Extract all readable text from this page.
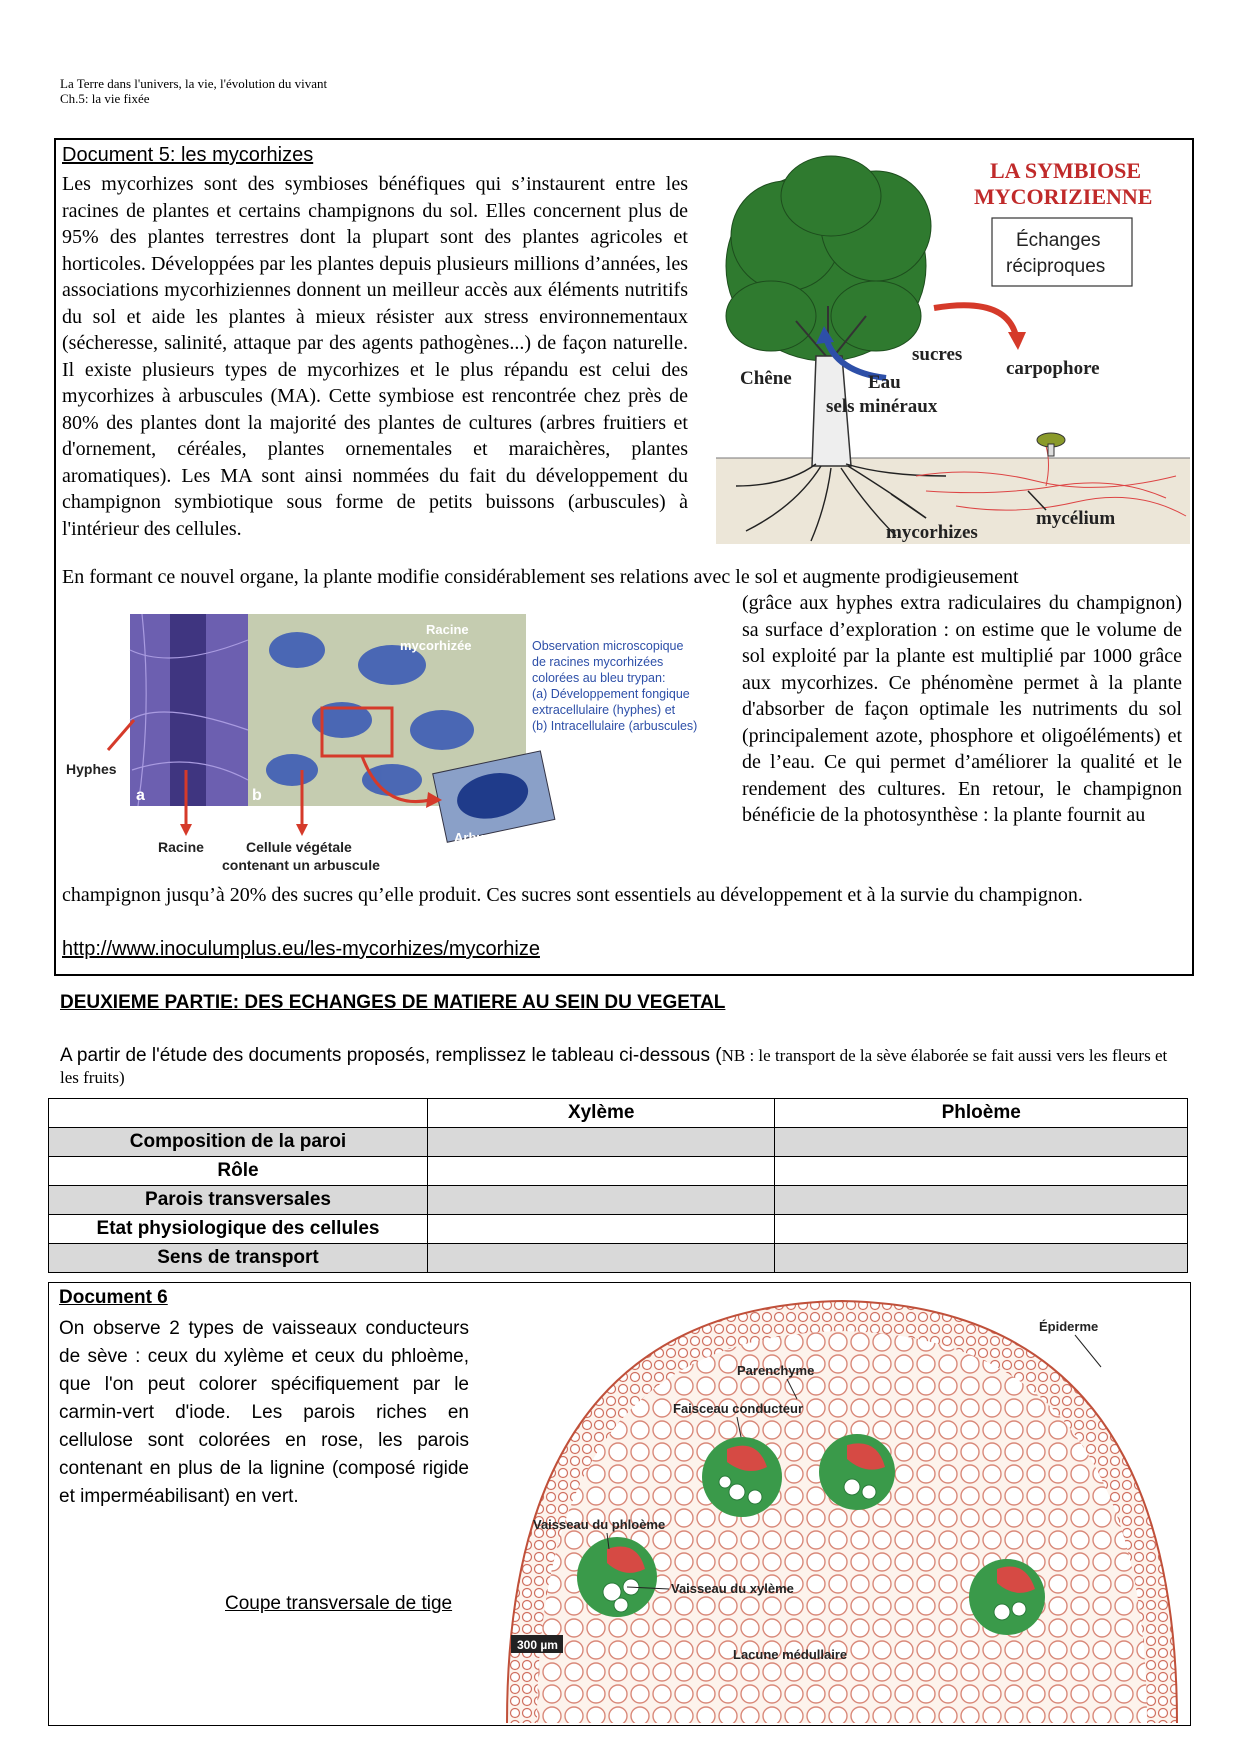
La Terre dans l'univers, la vie, l'évolution du vivant
Ch.5: la vie fixée
Document 5: les mycorhizes
Les mycorhizes sont des symbioses bénéfiques qui s’instaurent entre les racines de plantes et certains champignons du sol. Elles concernent plus de 95% des plantes terrestres dont la plupart sont des plantes agricoles et horticoles. Développées par les plantes depuis plusieurs millions d’années, les associations mycorhiziennes donnent un meilleur accès aux éléments nutritifs du sol et aide les plantes à mieux résister aux stress environnementaux (sécheresse, salinité, attaque par des agents pathogènes...) de façon naturelle. Il existe plusieurs types de mycorhizes et le plus répandu est celui des mycorhizes à arbuscules (MA). Cette symbiose est rencontrée chez près de 80% des plantes dont la majorité des plantes de cultures (arbres fruitiers et d'ornement, céréales, plantes ornementales et maraichères, plantes aromatiques). Les MA sont ainsi nommées du fait du développement du champignon symbiotique sous forme de petits buissons (arbuscules) à l'intérieur des cellules.
LA SYMBIOSE
MYCORIZIENNE
Échanges
réciproques
sucres
carpophore
Chêne	Eau
sels minéraux
mycorhizes
mycélium
En formant ce nouvel organe, la plante modifie considérablement ses relations avec le sol et augmente prodigieusement
(grâce aux hyphes extra radiculaires du champignon) sa surface d’exploration : on estime que le volume de sol exploité par la plante est multiplié par 1000 grâce aux mycorhizes. Ce phénomène permet à la plante d'absorber de façon optimale les nutriments du sol (principalement azote, phosphore et oligoéléments) et de l’eau. Ce qui permet d’améliorer la qualité et le rendement des cultures. En retour, le champignon bénéficie de la photosynthèse : la plante fournit au
Racine
mycorhizée	Observation microscopique
de racines mycorhizées
colorées au bleu trypan:
(a) Développement fongique
extracellulaire (hyphes) et
(b) Intracellulaire (arbuscules)
Arbuscule
a	b
Hyphes
Racine	Cellule végétale
contenant un arbuscule
champignon jusqu’à 20% des sucres qu’elle produit. Ces sucres sont essentiels au développement et à la survie du champignon.
http://www.inoculumplus.eu/les-mycorhizes/mycorhize
DEUXIEME PARTIE: DES ECHANGES DE MATIERE AU SEIN DU VEGETAL
A partir de l'étude des documents proposés, remplissez le tableau ci-dessous (NB : le transport de la sève élaborée se fait aussi vers les fleurs et les fruits)
	Xylème	Phloème
Composition de la paroi		
Rôle		
Parois transversales		
Etat physiologique des cellules		
Sens de transport		
Document 6
On observe 2 types de vaisseaux conducteurs de sève : ceux du xylème et ceux du phloème, que l'on peut colorer spécifiquement par le carmin-vert d'iode. Les parois riches en cellulose sont colorées en rose, les parois contenant en plus de la lignine (composé rigide et imperméabilisant) en vert.
Coupe transversale de tige
Épiderme
Parenchyme
Faisceau conducteur
Vaisseau du phloème
Vaisseau du xylème
Lacune médullaire
300 µm
